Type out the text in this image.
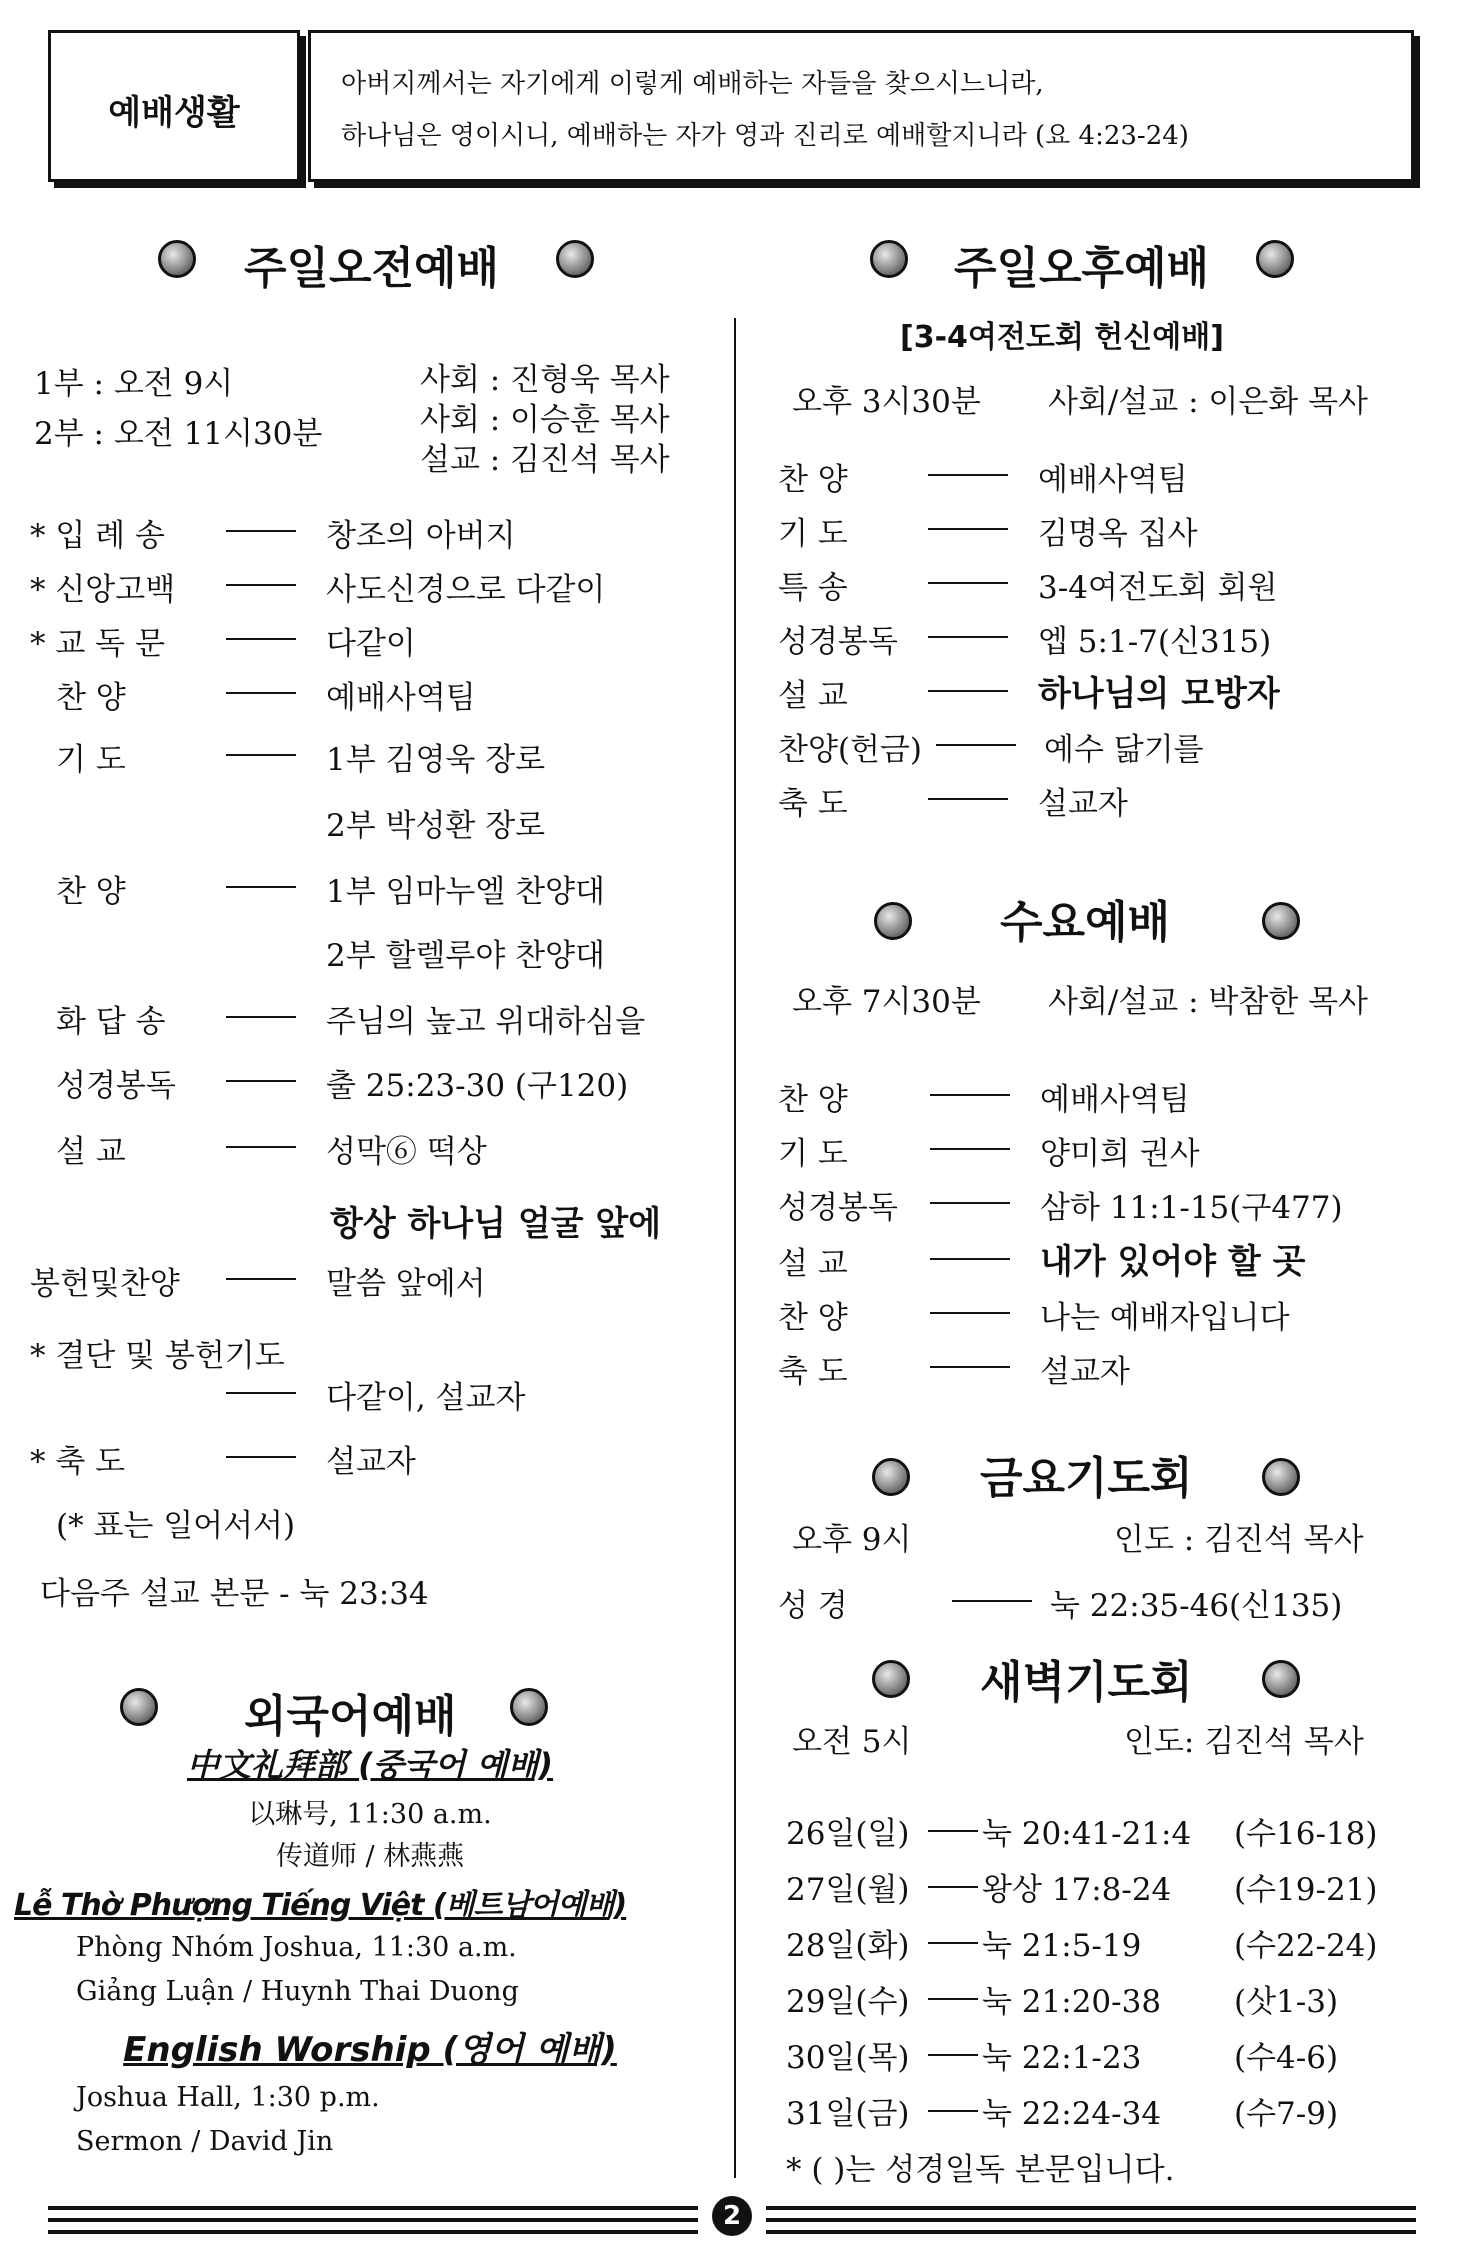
예배생활
아버지께서는 자기에게 이렇게 예배하는 자들을 찾으시느니라,
하나님은 영이시니, 예배하는 자가 영과 진리로 예배할지니라 (요 4:23-24)
주일오전예배
1부 : 오전 9시
2부 : 오전 11시30분
사회 : 진형욱 목사
사회 : 이승훈 목사
설교 : 김진석 목사
* 입 례 송	창조의 아버지
* 신앙고백	사도신경으로 다같이
* 교 독 문	다같이
찬 양	예배사역팀
기 도	1부 김영욱 장로
2부 박성환 장로
찬 양	1부 임마누엘 찬양대
2부 할렐루야 찬양대
화 답 송	주님의 높고 위대하심을
성경봉독	출 25:23-30 (구120)
설 교	성막⑥ 떡상
항상 하나님 얼굴 앞에
봉헌및찬양	말씀 앞에서
* 결단 및 봉헌기도
다같이, 설교자
* 축 도	설교자
(* 표는 일어서서)
다음주 설교 본문 - 눅 23:34
외국어예배
中文礼拜部 (중국어 예배)
以琳号, 11:30 a.m.
传道师 / 林燕燕
Lễ Thờ Phượng Tiếng Việt (베트남어예배)
Phòng Nhóm Joshua, 11:30 a.m.
Giảng Luận / Huynh Thai Duong
English Worship (영어 예배)
Joshua Hall, 1:30 p.m.
Sermon / David Jin
주일오후예배
[3-4여전도회 헌신예배]
오후 3시30분 사회/설교 : 이은화 목사
찬 양	예배사역팀
기 도	김명옥 집사
특 송	3-4여전도회 회원
성경봉독	엡 5:1-7(신315)
설 교	하나님의 모방자
찬양(헌금)	예수 닮기를
축 도	설교자
수요예배
오후 7시30분 사회/설교 : 박참한 목사
찬 양	예배사역팀
기 도	양미희 권사
성경봉독	삼하 11:1-15(구477)
설 교	내가 있어야 할 곳
찬 양	나는 예배자입니다
축 도	설교자
금요기도회
오후 9시	인도 : 김진석 목사
성 경	눅 22:35-46(신135)
새벽기도회
오전 5시	인도: 김진석 목사
26일(일) 눅 20:41-21:4 (수16-18)
27일(월) 왕상 17:8-24 (수19-21)
28일(화) 눅 21:5-19	(수22-24)
29일(수) 눅 21:20-38 (삿1-3)
30일(목) 눅 22:1-23	(수4-6)
31일(금) 눅 22:24-34 (수7-9)
* ( )는 성경일독 본문입니다.
2
